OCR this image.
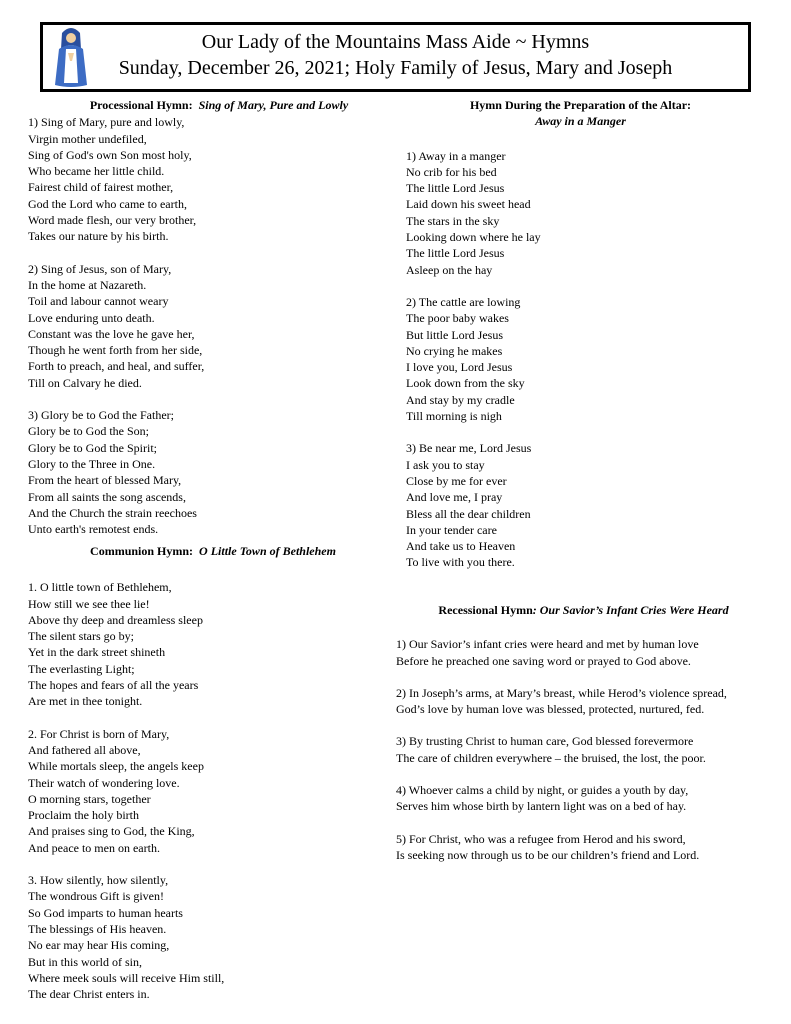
Our Lady of the Mountains Mass Aide ~ Hymns
Sunday, December 26, 2021; Holy Family of Jesus, Mary and Joseph
Processional Hymn: Sing of Mary, Pure and Lowly
1) Sing of Mary, pure and lowly,
Virgin mother undefiled,
Sing of God's own Son most holy,
Who became her little child.
Fairest child of fairest mother,
God the Lord who came to earth,
Word made flesh, our very brother,
Takes our nature by his birth.
2) Sing of Jesus, son of Mary,
In the home at Nazareth.
Toil and labour cannot weary
Love enduring unto death.
Constant was the love he gave her,
Though he went forth from her side,
Forth to preach, and heal, and suffer,
Till on Calvary he died.
3) Glory be to God the Father;
Glory be to God the Son;
Glory be to God the Spirit;
Glory to the Three in One.
From the heart of blessed Mary,
From all saints the song ascends,
And the Church the strain reechoes
Unto earth's remotest ends.
Communion Hymn: O Little Town of Bethlehem
1. O little town of Bethlehem,
How still we see thee lie!
Above thy deep and dreamless sleep
The silent stars go by;
Yet in the dark street shineth
The everlasting Light;
The hopes and fears of all the years
Are met in thee tonight.
2. For Christ is born of Mary,
And fathered all above,
While mortals sleep, the angels keep
Their watch of wondering love.
O morning stars, together
Proclaim the holy birth
And praises sing to God, the King,
And peace to men on earth.
3. How silently, how silently,
The wondrous Gift is given!
So God imparts to human hearts
The blessings of His heaven.
No ear may hear His coming,
But in this world of sin,
Where meek souls will receive Him still,
The dear Christ enters in.
Hymn During the Preparation of the Altar:
Away in a Manger
1) Away in a manger
No crib for his bed
The little Lord Jesus
Laid down his sweet head
The stars in the sky
Looking down where he lay
The little Lord Jesus
Asleep on the hay
2) The cattle are lowing
The poor baby wakes
But little Lord Jesus
No crying he makes
I love you, Lord Jesus
Look down from the sky
And stay by my cradle
Till morning is nigh
3) Be near me, Lord Jesus
I ask you to stay
Close by me for ever
And love me, I pray
Bless all the dear children
In your tender care
And take us to Heaven
To live with you there.
Recessional Hymn: Our Savior’s Infant Cries Were Heard
1) Our Savior’s infant cries were heard and met by human love
Before he preached one saving word or prayed to God above.
2) In Joseph’s arms, at Mary’s breast, while Herod’s violence spread,
God’s love by human love was blessed, protected, nurtured, fed.
3) By trusting Christ to human care, God blessed forevermore
The care of children everywhere – the bruised, the lost, the poor.
4) Whoever calms a child by night, or guides a youth by day,
Serves him whose birth by lantern light was on a bed of hay.
5) For Christ, who was a refugee from Herod and his sword,
Is seeking now through us to be our children’s friend and Lord.
